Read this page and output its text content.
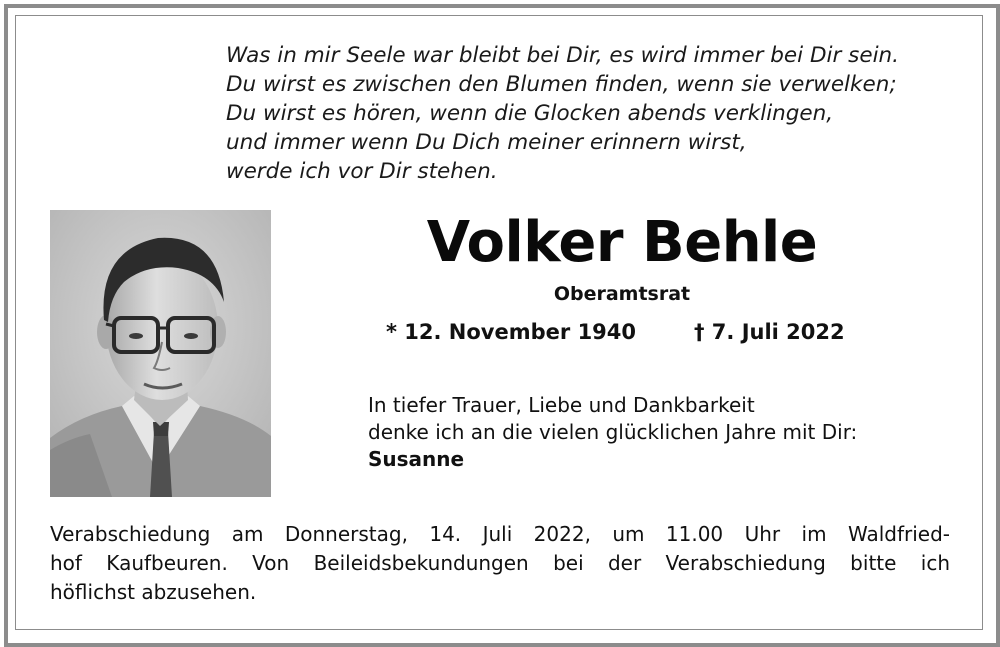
Was in mir Seele war bleibt bei Dir, es wird immer bei Dir sein.
Du wirst es zwischen den Blumen finden, wenn sie verwelken;
Du wirst es hören, wenn die Glocken abends verklingen,
und immer wenn Du Dich meiner erinnern wirst,
werde ich vor Dir stehen.
Volker Behle
Oberamtsrat
* 12. November 1940	† 7. Juli 2022
In tiefer Trauer, Liebe und Dankbarkeit
denke ich an die vielen glücklichen Jahre mit Dir:
Susanne
Verabschiedung am Donnerstag, 14. Juli 2022, um 11.00 Uhr im Waldfried-
hof Kaufbeuren. Von Beileidsbekundungen bei der Verabschiedung bitte ich
höflichst abzusehen.
